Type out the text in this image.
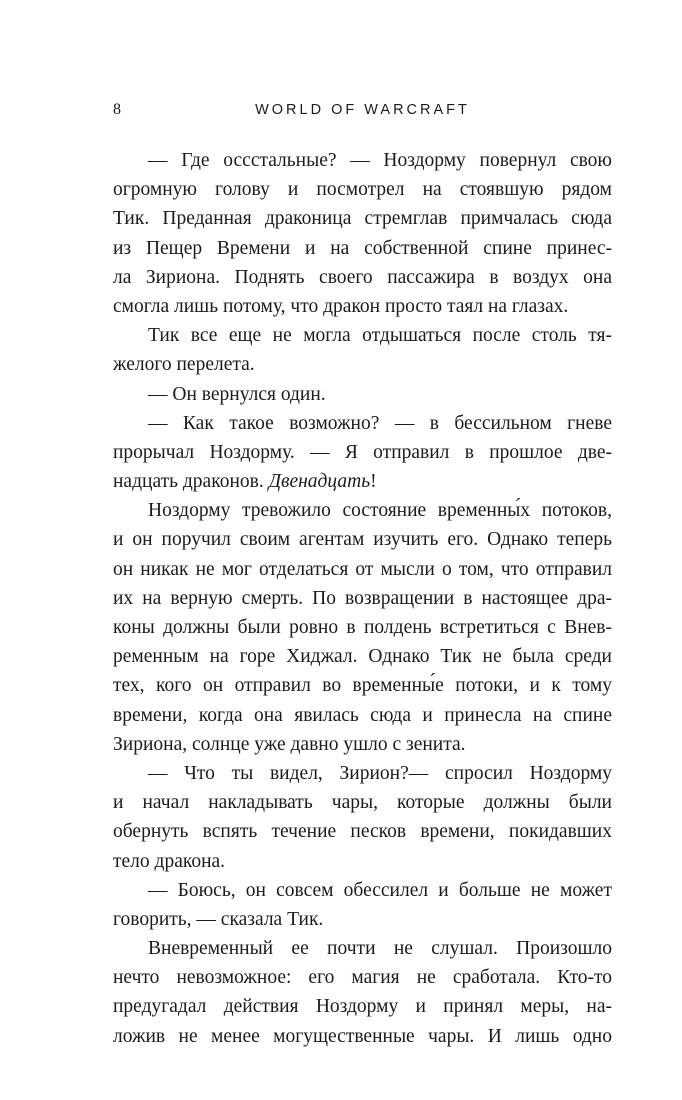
8	WORLD OF WARCRAFT
— Где осcстальные? — Ноздорму повернул свою
огромную голову и посмотрел на стоявшую рядом
Тик. Преданная драконица стремглав примчалась сюда
из Пещер Времени и на собственной спине принес-
ла Зириона. Поднять своего пассажира в воздух она
смогла лишь потому, что дракон просто таял на глазах.
Тик все еще не могла отдышаться после столь тя-
желого перелета.
— Он вернулся один.
— Как такое возможно? — в бессильном гневе
прорычал Ноздорму. — Я отправил в прошлое две-
надцать драконов. Двенадцать!
Ноздорму тревожило состояние временны́х потоков,
и он поручил своим агентам изучить его. Однако теперь
он никак не мог отделаться от мысли о том, что отправил
их на верную смерть. По возвращении в настоящее дра-
коны должны были ровно в полдень встретиться с Внев-
ременным на горе Хиджал. Однако Тик не была среди
тех, кого он отправил во временны́е потоки, и к тому
времени, когда она явилась сюда и принесла на спине
Зириона, солнце уже давно ушло с зенита.
— Что ты видел, Зирион?— спросил Ноздорму
и начал накладывать чары, которые должны были
обернуть вспять течение песков времени, покидавших
тело дракона.
— Боюсь, он совсем обессилел и больше не может
говорить, — сказала Тик.
Вневременный ее почти не слушал. Произошло
нечто невозможное: его магия не сработала. Кто-то
предугадал действия Ноздорму и принял меры, на-
ложив не менее могущественные чары. И лишь одно
